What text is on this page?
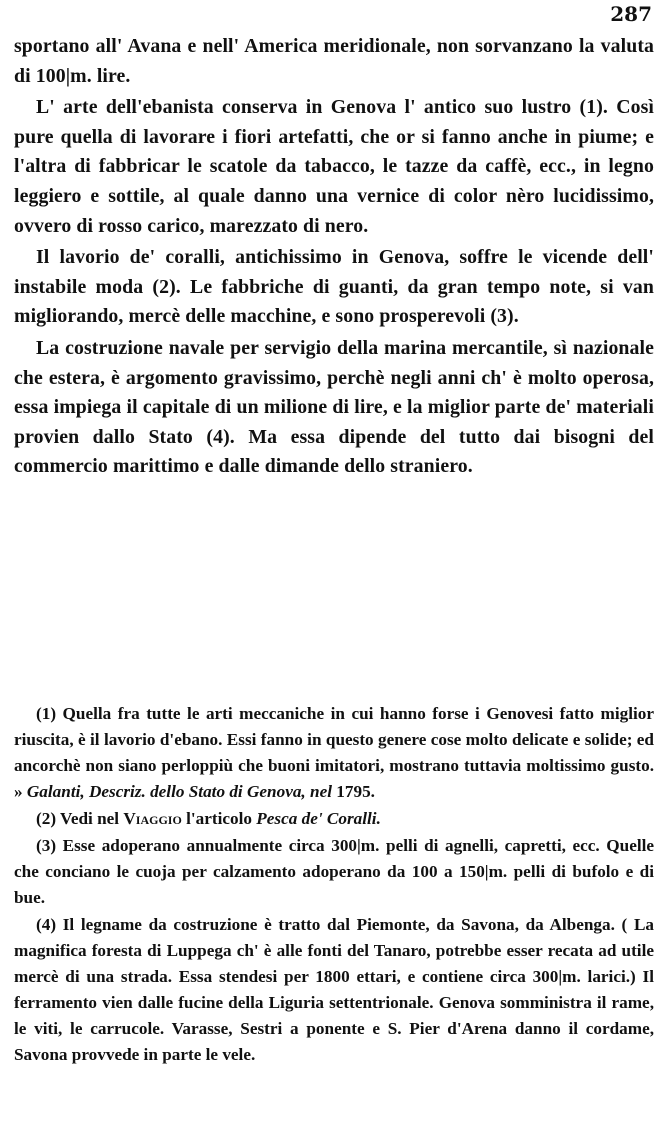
287

sportano all' Avana e nell' America meridionale, non sorvanzano la valuta di 100|m. lire.

L' arte dell'ebanista conserva in Genova l' antico suo lustro (1). Così pure quella di lavorare i fiori artefatti, che or si fanno anche in piume; e l'altra di fabbricar le scatole da tabacco, le tazze da caffè, ecc., in legno leggiero e sottile, al quale danno una vernice di color nèro lucidissimo, ovvero di rosso carico, marezzato di nero.

Il lavorio de' coralli, antichissimo in Genova, soffre le vicende dell' instabile moda (2). Le fabbriche di guanti, da gran tempo note, si van migliorando, mercè delle macchine, e sono prosperevoli (3).

La costruzione navale per servigio della marina mercantile, sì nazionale che estera, è argomento gravissimo, perchè negli anni ch' è molto operosa, essa impiega il capitale di un milione di lire, e la miglior parte de' materiali provien dallo Stato (4). Ma essa dipende del tutto dai bisogni del commercio marittimo e dalle dimande dello straniero.

(1) Quella fra tutte le arti meccaniche in cui hanno forse i Genovesi fatto miglior riuscita, è il lavorio d'ebano. Essi fanno in questo genere cose molto delicate e solide; ed ancorchè non siano perloppiù che buoni imitatori, mostrano tuttavia moltissimo gusto. » Galanti, Descriz. dello Stato di Genova, nel 1795.

(2) Vedi nel Viaggio l'articolo Pesca de' Coralli.

(3) Esse adoperano annualmente circa 300|m. pelli di agnelli, capretti, ecc. Quelle che conciano le cuoja per calzamento adoperano da 100 a 150|m. pelli di bufolo e di bue.

(4) Il legname da costruzione è tratto dal Piemonte, da Savona, da Albenga. ( La magnifica foresta di Luppega ch' è alle fonti del Tanaro, potrebbe esser recata ad utile mercè di una strada. Essa stendesi per 1800 ettari, e contiene circa 300|m. larici.) Il ferramento vien dalle fucine della Liguria settentrionale. Genova somministra il rame, le viti, le carrucole. Varasse, Sestri a ponente e S. Pier d'Arena danno il cordame, Savona provvede in parte le vele.
